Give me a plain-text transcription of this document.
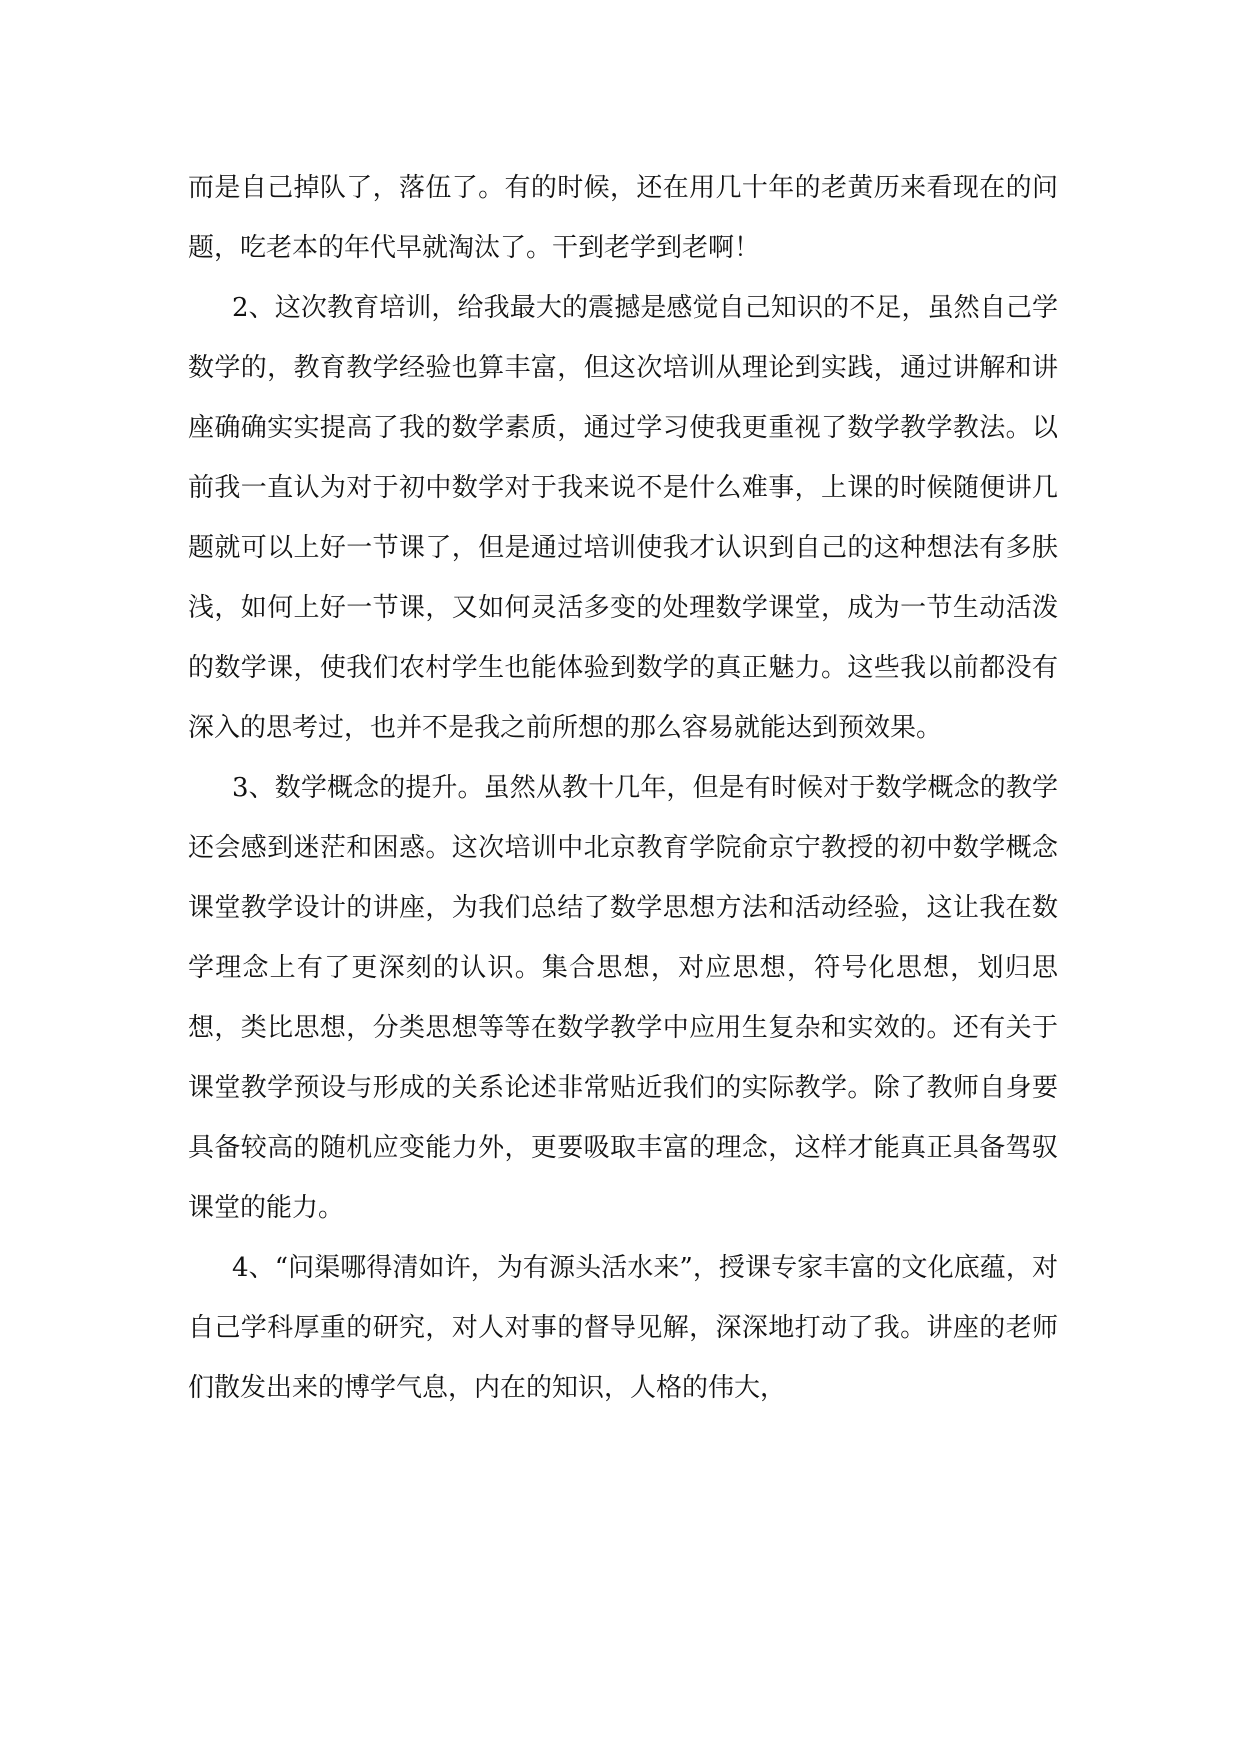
而是自己掉队了，落伍了。有的时候，还在用几十年的老黄历来看现在的问题，吃老本的年代早就淘汰了。干到老学到老啊！

2、这次教育培训，给我最大的震撼是感觉自己知识的不足，虽然自己学数学的，教育教学经验也算丰富，但这次培训从理论到实践，通过讲解和讲座确确实实提高了我的数学素质，通过学习使我更重视了数学教学教法。以前我一直认为对于初中数学对于我来说不是什么难事，上课的时候随便讲几题就可以上好一节课了，但是通过培训使我才认识到自己的这种想法有多肤浅，如何上好一节课，又如何灵活多变的处理数学课堂，成为一节生动活泼的数学课，使我们农村学生也能体验到数学的真正魅力。这些我以前都没有深入的思考过，也并不是我之前所想的那么容易就能达到预效果。

3、数学概念的提升。虽然从教十几年，但是有时候对于数学概念的教学还会感到迷茫和困惑。这次培训中北京教育学院俞京宁教授的初中数学概念课堂教学设计的讲座，为我们总结了数学思想方法和活动经验，这让我在数学理念上有了更深刻的认识。集合思想，对应思想，符号化思想，划归思想，类比思想，分类思想等等在数学教学中应用生复杂和实效的。还有关于课堂教学预设与形成的关系论述非常贴近我们的实际教学。除了教师自身要具备较高的随机应变能力外，更要吸取丰富的理念，这样才能真正具备驾驭课堂的能力。

4、“问渠哪得清如许，为有源头活水来”，授课专家丰富的文化底蕴，对自己学科厚重的研究，对人对事的督导见解，深深地打动了我。讲座的老师们散发出来的博学气息，内在的知识，人格的伟大，
